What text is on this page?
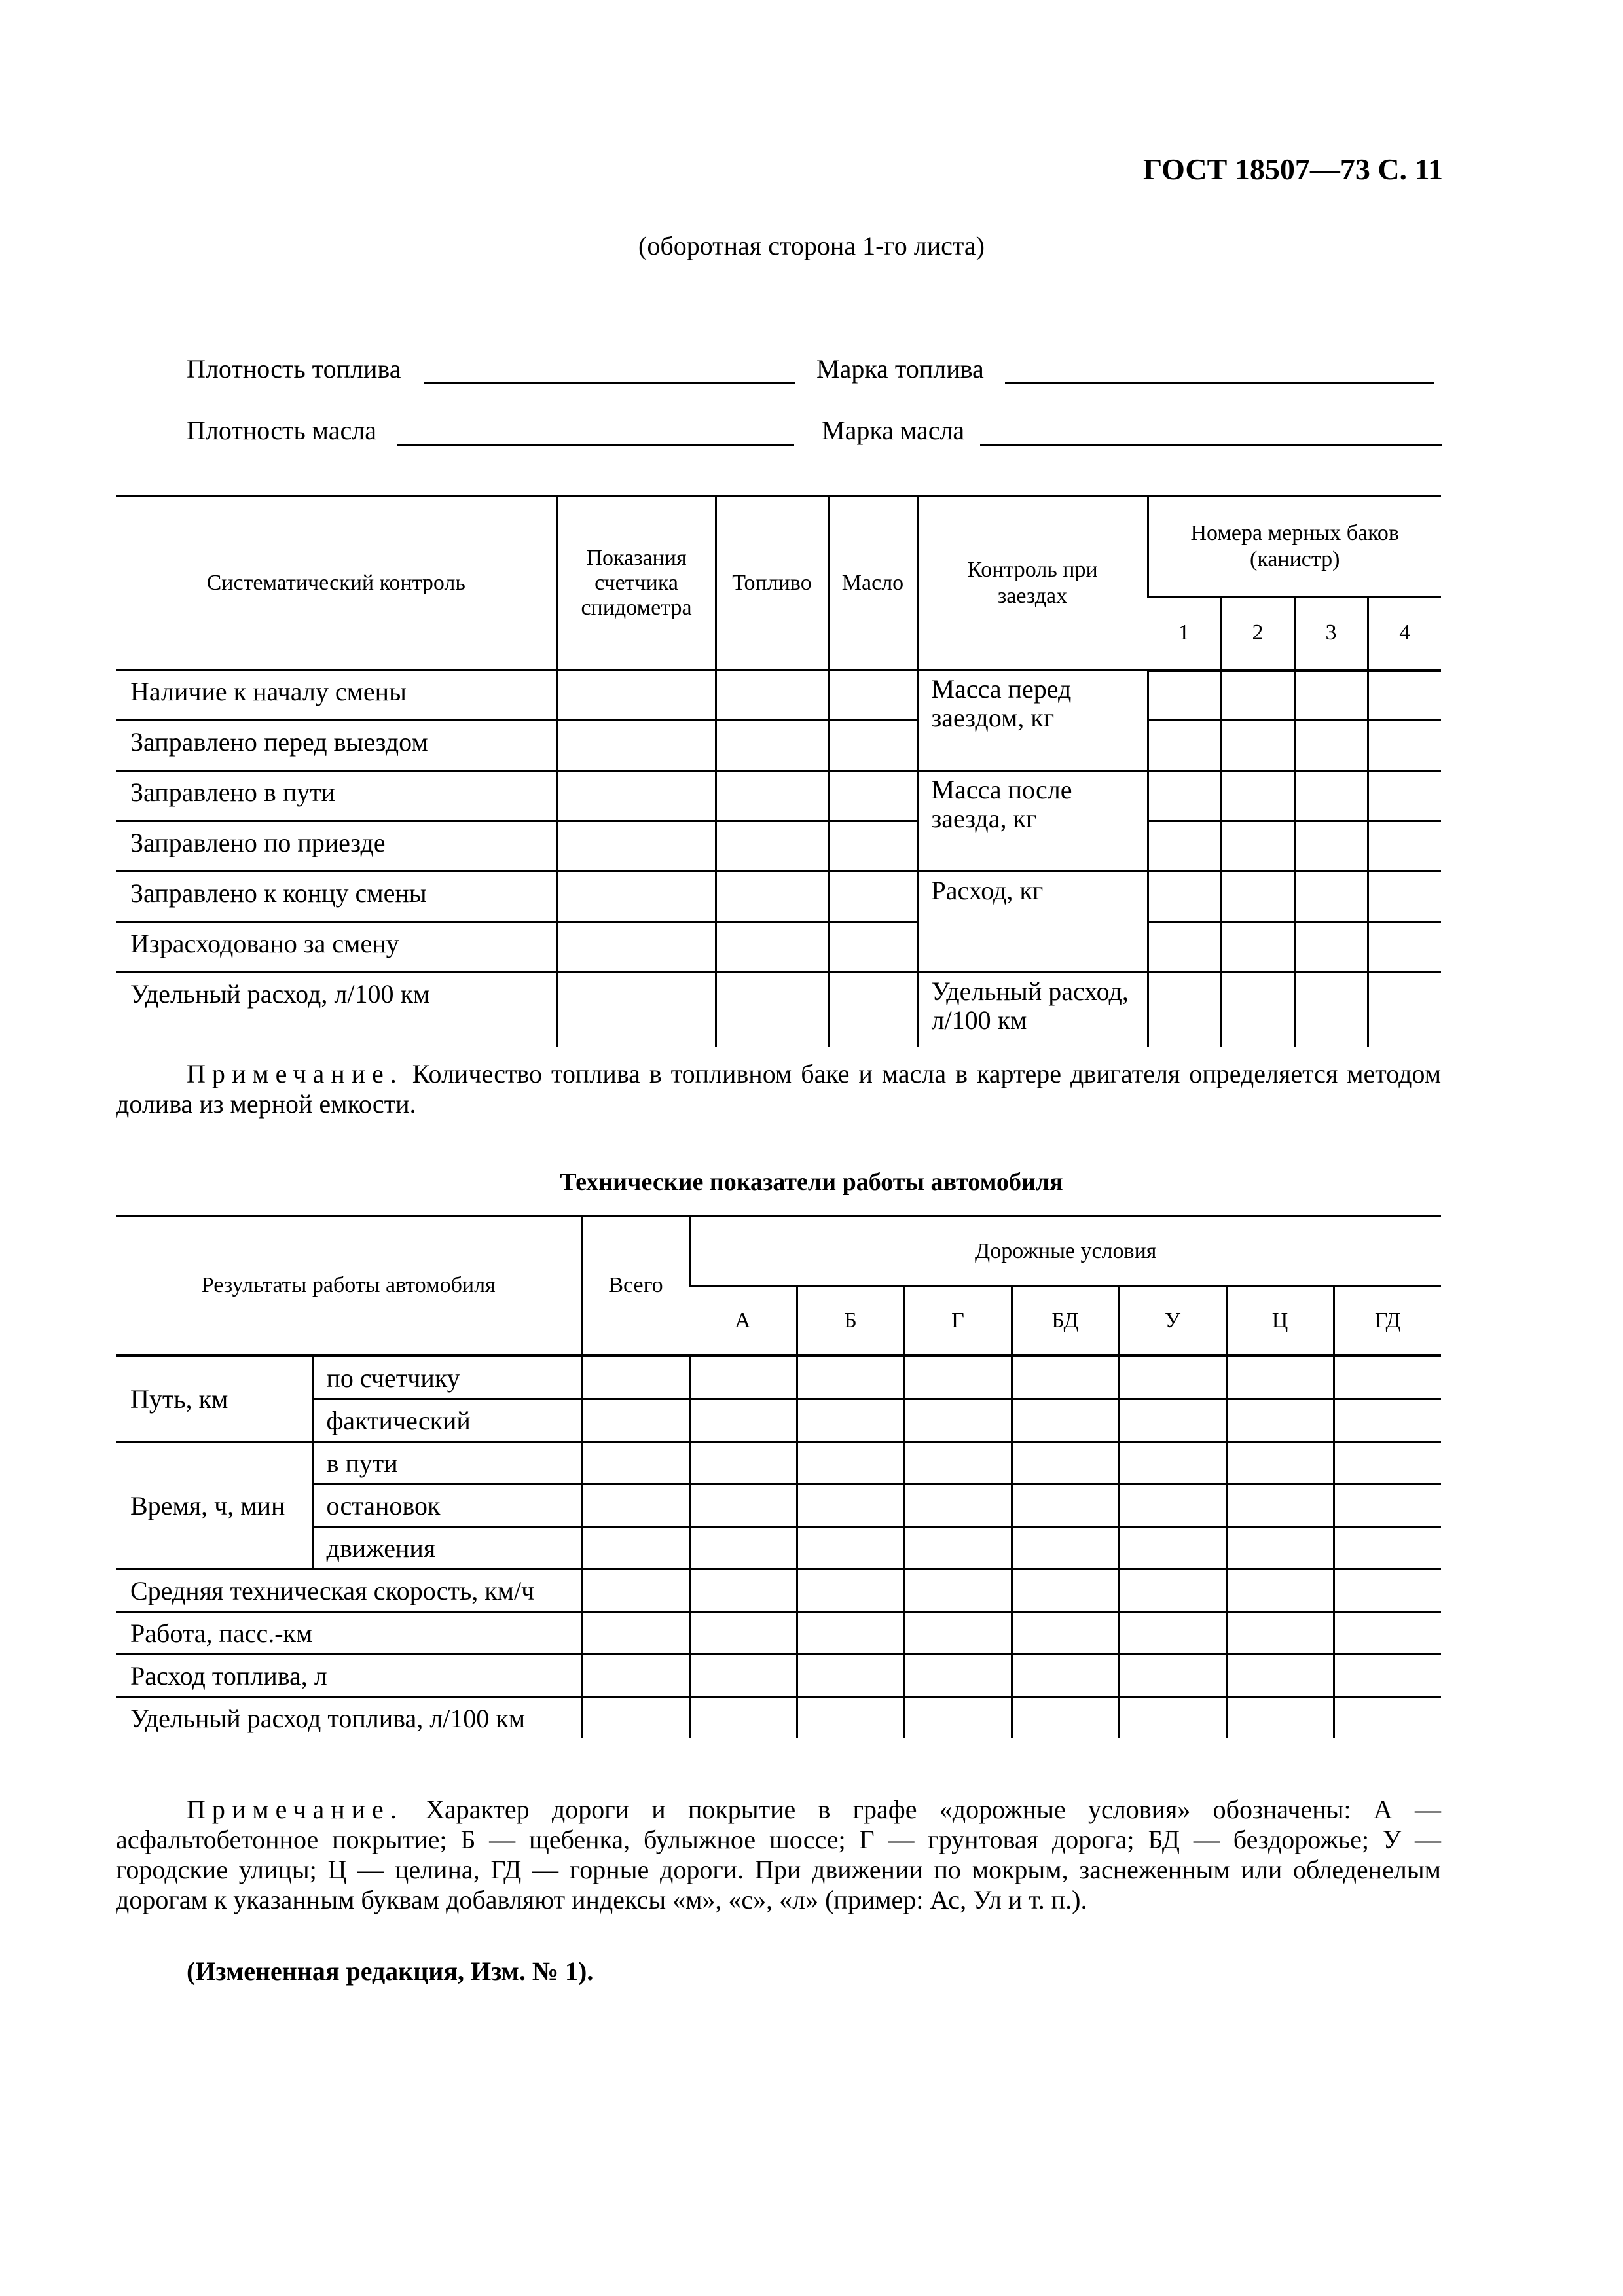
ГОСТ 18507—73 С. 11
(оборотная сторона 1-го листа)
Плотность топлива	Марка топлива
Плотность масла	Марка масла
Систематический контроль	Показания счетчика спидометра	Топливо	Масло	Контроль при заездах	Номера мерных баков (канистр)			
					1	2	3	4
Наличие к началу смены				Масса перед заездом, кг				
Заправлено перед выездом								
Заправлено в пути				Масса после заезда, кг				
Заправлено по приезде								
Заправлено к концу смены				Расход, кг				
Израсходовано за смену								
Удельный расход, л/100 км				Удельный расход, л/100 км				
Примечание. Количество топлива в топливном баке и масла в картере двигателя определяется методом долива из мерной емкости.
Технические показатели работы автомобиля
Результаты работы автомобиля		Всего	Дорожные условия						
			А	Б	Г	БД	У	Ц	ГД
Путь, км	по счетчику								
	фактический								
Время, ч, мин	в пути								
	остановок								
	движения								
Средняя техническая скорость, км/ч									
Работа, пасс.-км									
Расход топлива, л									
Удельный расход топлива, л/100 км									
Примечание. Характер дороги и покрытие в графе «дорожные условия» обозначены: А — асфальтобетонное покрытие; Б — щебенка, булыжное шоссе; Г — грунтовая дорога; БД — бездорожье; У — городские улицы; Ц — целина, ГД — горные дороги. При движении по мокрым, заснеженным или обледенелым дорогам к указанным буквам добавляют индексы «м», «с», «л» (пример: Ас, Ул и т. п.).
(Измененная редакция, Изм. № 1).
